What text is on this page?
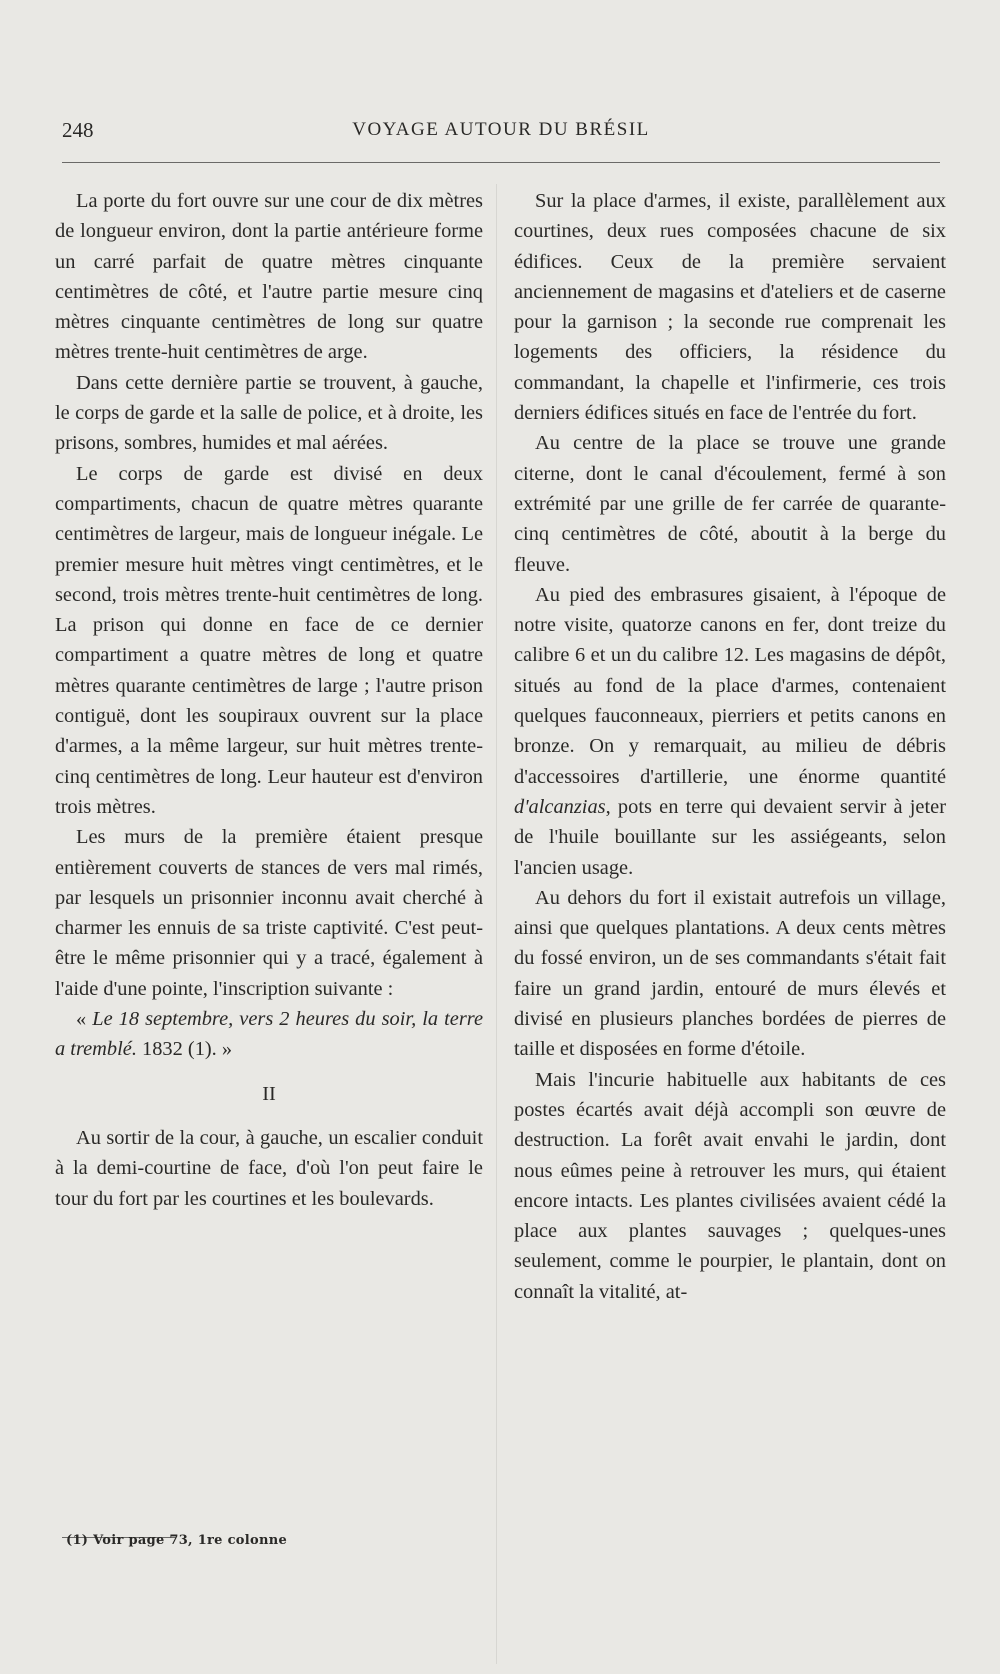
248	VOYAGE AUTOUR DU BRÉSIL

La porte du fort ouvre sur une cour de dix mètres de longueur environ, dont la partie antérieure forme un carré parfait de quatre mètres cinquante centimètres de côté, et l'autre partie mesure cinq mètres cinquante centimètres de long sur quatre mètres trente-huit centimètres de arge.

Dans cette dernière partie se trouvent, à gauche, le corps de garde et la salle de police, et à droite, les prisons, sombres, humides et mal aérées.

Le corps de garde est divisé en deux compartiments, chacun de quatre mètres quarante centimètres de largeur, mais de longueur inégale. Le premier mesure huit mètres vingt centimètres, et le second, trois mètres trente-huit centimètres de long. La prison qui donne en face de ce dernier compartiment a quatre mètres de long et quatre mètres quarante centimètres de large ; l'autre prison contiguë, dont les soupiraux ouvrent sur la place d'armes, a la même largeur, sur huit mètres trente-cinq centimètres de long. Leur hauteur est d'environ trois mètres.

Les murs de la première étaient presque entièrement couverts de stances de vers mal rimés, par lesquels un prisonnier inconnu avait cherché à charmer les ennuis de sa triste captivité. C'est peut-être le même prisonnier qui y a tracé, également à l'aide d'une pointe, l'inscription suivante :

« Le 18 septembre, vers 2 heures du soir, la terre a tremblé. 1832 (1). »

II

Au sortir de la cour, à gauche, un escalier conduit à la demi-courtine de face, d'où l'on peut faire le tour du fort par les courtines et les boulevards.

Sur la place d'armes, il existe, parallèlement aux courtines, deux rues composées chacune de six édifices. Ceux de la première servaient anciennement de magasins et d'ateliers et de caserne pour la garnison ; la seconde rue comprenait les logements des officiers, la résidence du commandant, la chapelle et l'infirmerie, ces trois derniers édifices situés en face de l'entrée du fort.

Au centre de la place se trouve une grande citerne, dont le canal d'écoulement, fermé à son extrémité par une grille de fer carrée de quarante-cinq centimètres de côté, aboutit à la berge du fleuve.

Au pied des embrasures gisaient, à l'époque de notre visite, quatorze canons en fer, dont treize du calibre 6 et un du calibre 12. Les magasins de dépôt, situés au fond de la place d'armes, contenaient quelques fauconneaux, pierriers et petits canons en bronze. On y remarquait, au milieu de débris d'accessoires d'artillerie, une énorme quantité d'alcanzias, pots en terre qui devaient servir à jeter de l'huile bouillante sur les assiégeants, selon l'ancien usage.

Au dehors du fort il existait autrefois un village, ainsi que quelques plantations. A deux cents mètres du fossé environ, un de ses commandants s'était fait faire un grand jardin, entouré de murs élevés et divisé en plusieurs planches bordées de pierres de taille et disposées en forme d'étoile.

Mais l'incurie habituelle aux habitants de ces postes écartés avait déjà accompli son œuvre de destruction. La forêt avait envahi le jardin, dont nous eûmes peine à retrouver les murs, qui étaient encore intacts. Les plantes civilisées avaient cédé la place aux plantes sauvages ; quelques-unes seulement, comme le pourpier, le plantain, dont on connaît la vitalité, at-

(1) Voir page 73, 1re colonne
